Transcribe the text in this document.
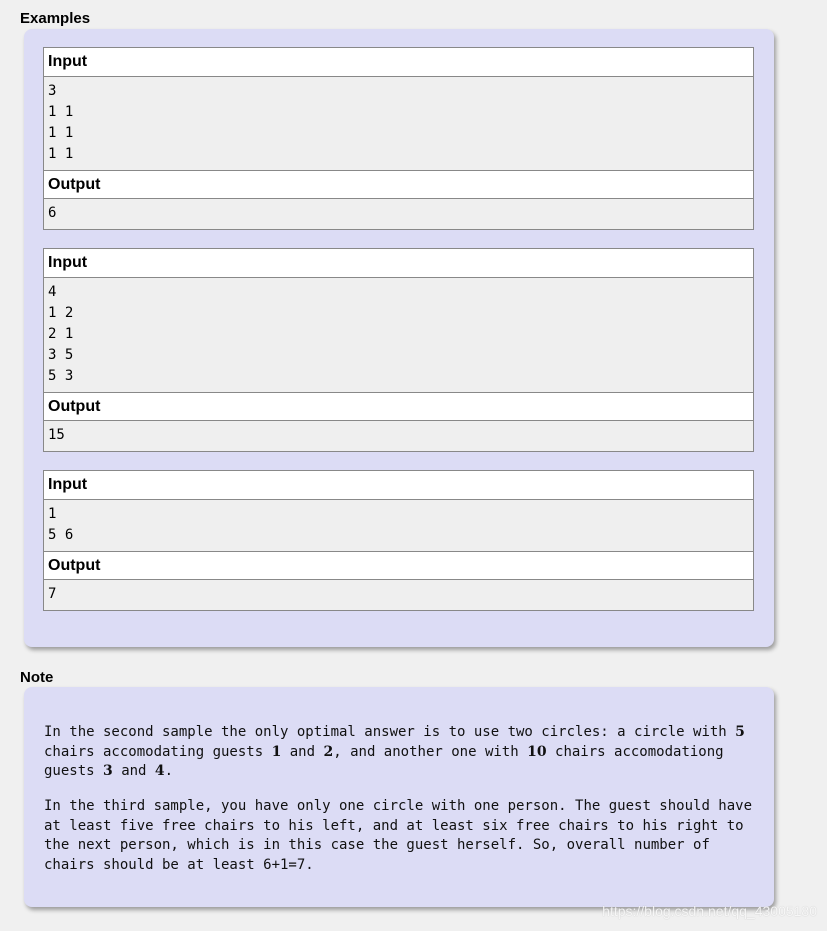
Examples
Input
3
1 1
1 1
1 1
Output
6
Input
4
1 2
2 1
3 5
5 3
Output
15
Input
1
5 6
Output
7
Note
In the second sample the only optimal answer is to use two circles: a circle with 5 chairs accomodating guests 1 and 2, and another one with 10 chairs accomodationg guests 3 and 4.
In the third sample, you have only one circle with one person. The guest should have at least five free chairs to his left, and at least six free chairs to his right to the next person, which is in this case the guest herself. So, overall number of chairs should be at least 6+1=7.
https://blog.csdn.net/qq_43005180
